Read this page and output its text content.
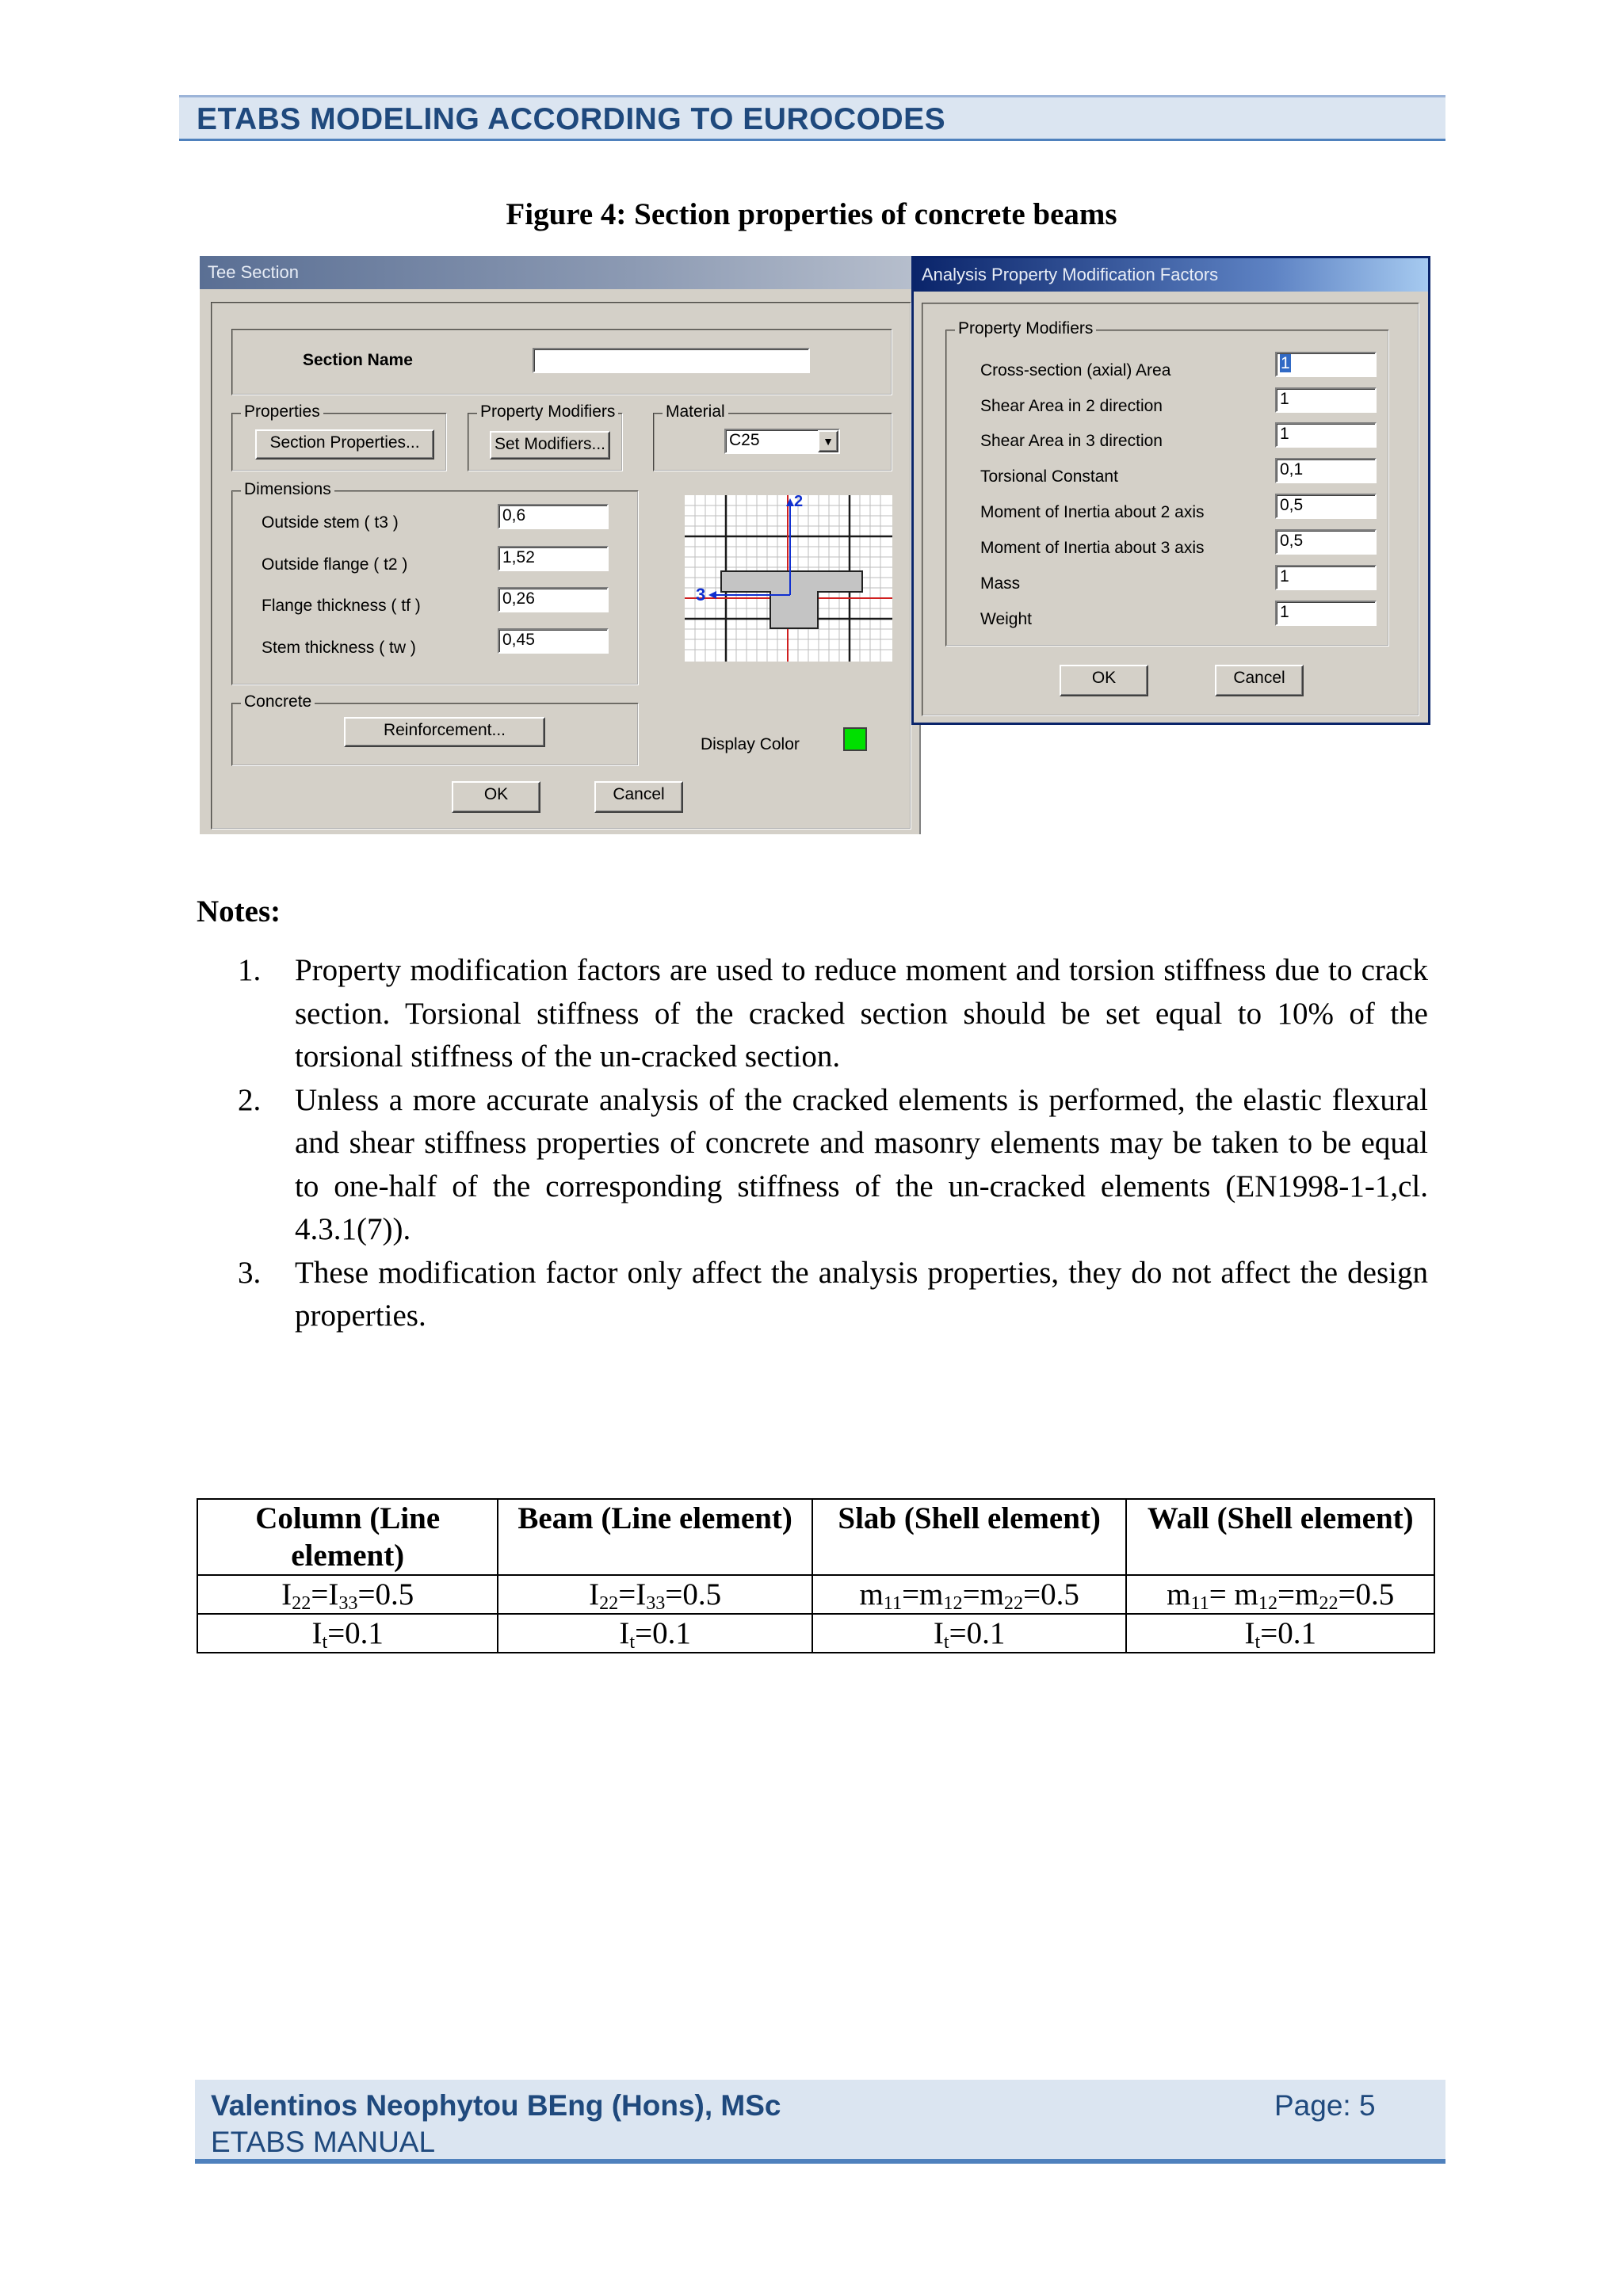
ETABS MODELING ACCORDING TO EUROCODES
Figure 4: Section properties of concrete beams
Tee Section
Section Name
Properties
Section Properties...
Property Modifiers
Set Modifiers...
Material
C25	▼
Dimensions
Outside stem ( t3 )	0,6
Outside flange ( t2 )	1,52
Flange thickness ( tf )	0,26
Stem thickness ( tw )	0,45
2
3
Concrete
Reinforcement...
Display Color
OK	Cancel
Analysis Property Modification Factors
Property Modifiers
Cross-section (axial) Area	1
Shear Area in 2 direction	1
Shear Area in 3 direction	1
Torsional Constant	0,1
Moment of Inertia about 2 axis	0,5
Moment of Inertia about 3 axis	0,5
Mass	1
Weight	1
OK	Cancel
Notes:
1. Property modification factors are used to reduce moment and torsion stiffness due to crack section. Torsional stiffness of the cracked section should be set equal to 10% of the torsional stiffness of the un-cracked section.
2. Unless a more accurate analysis of the cracked elements is performed, the elastic flexural and shear stiffness properties of concrete and masonry elements may be taken to be equal to one-half of the corresponding stiffness of the un-cracked elements (EN1998-1-1,cl. 4.3.1(7)).
3. These modification factor only affect the analysis properties, they do not affect the design properties.
Column (Line element)	Beam (Line element)	Slab (Shell element)	Wall (Shell element)
$I_{22}=I_{33}=0.5$	$I_{22}=I_{33}=0.5$	$m_{11}=m_{12}=m_{22}=0.5$	$m_{11}= m_{12}=m_{22}=0.5$
$I_t=0.1$	$I_t=0.1$	$I_t=0.1$	$I_t=0.1$
Valentinos Neophytou BEng (Hons), MSc
ETABS MANUAL
Page: 5
